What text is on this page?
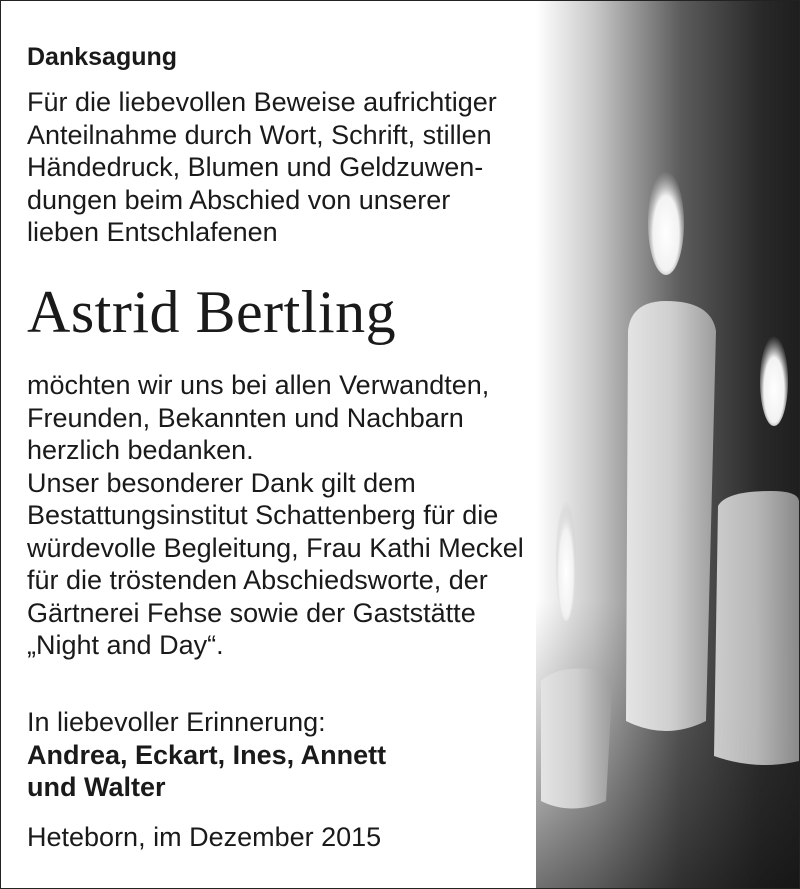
Danksagung
Für die liebevollen Beweise aufrichtiger
Anteilnahme durch Wort, Schrift, stillen
Händedruck, Blumen und Geldzuwen-
dungen beim Abschied von unserer
lieben Entschlafenen
Astrid Bertling
möchten wir uns bei allen Verwandten,
Freunden, Bekannten und Nachbarn
herzlich bedanken.
Unser besonderer Dank gilt dem
Bestattungsinstitut Schattenberg für die
würdevolle Begleitung, Frau Kathi Meckel
für die tröstenden Abschiedsworte, der
Gärtnerei Fehse sowie der Gaststätte
„Night and Day“.
In liebevoller Erinnerung:
Andrea, Eckart, Ines, Annett
und Walter
Heteborn, im Dezember 2015
